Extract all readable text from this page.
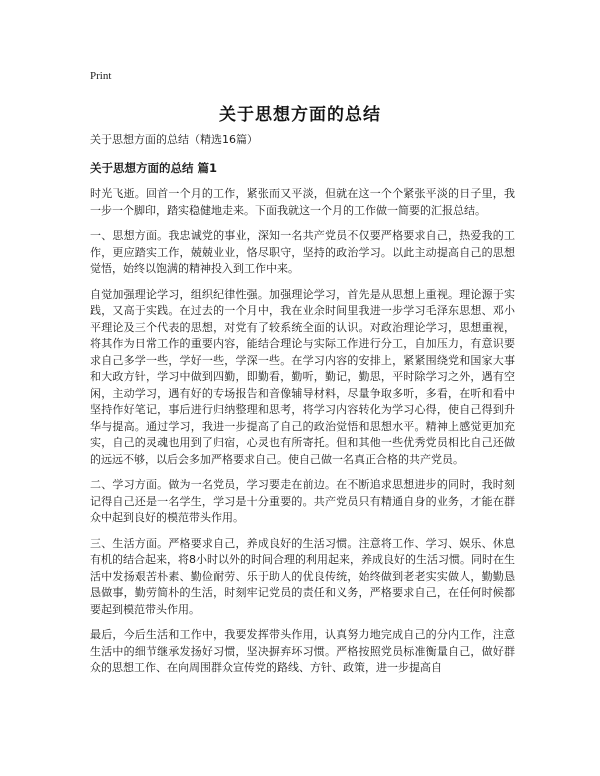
Print
关于思想方面的总结

关于思想方面的总结（精选16篇）

关于思想方面的总结 篇1

时光飞逝。回首一个月的工作，紧张而又平淡，但就在这一个个紧张平淡的日子里，我一步一个脚印，踏实稳健地走来。下面我就这一个月的工作做一简要的汇报总结。

一、思想方面。我忠诚党的事业，深知一名共产党员不仅要严格要求自己，热爱我的工作，更应踏实工作，兢兢业业，恪尽职守，坚持的政治学习。以此主动提高自己的思想觉悟，始终以饱满的精神投入到工作中来。

自觉加强理论学习，组织纪律性强。加强理论学习，首先是从思想上重视。理论源于实践，又高于实践。在过去的一个月中，我在业余时间里我进一步学习毛泽东思想、邓小平理论及三个代表的思想，对党有了较系统全面的认识。对政治理论学习，思想重视，将其作为日常工作的重要内容，能结合理论与实际工作进行分工，自加压力，有意识要求自己多学一些，学好一些，学深一些。在学习内容的安排上，紧紧围绕党和国家大事和大政方针，学习中做到四勤，即勤看，勤听，勤记，勤思，平时除学习之外，遇有空闲，主动学习，遇有好的专场报告和音像辅导材料，尽量争取多听，多看，在听和看中坚持作好笔记，事后进行归纳整理和思考，将学习内容转化为学习心得，使自己得到升华与提高。通过学习，我进一步提高了自己的政治觉悟和思想水平。精神上感觉更加充实，自己的灵魂也用到了归宿，心灵也有所寄托。但和其他一些优秀党员相比自己还做的远远不够，以后会多加严格要求自己。使自己做一名真正合格的共产党员。

二、学习方面。做为一名党员，学习要走在前边。在不断追求思想进步的同时，我时刻记得自己还是一名学生，学习是十分重要的。共产党员只有精通自身的业务，才能在群众中起到良好的模范带头作用。

三、生活方面。严格要求自己，养成良好的生活习惯。注意将工作、学习、娱乐、休息有机的结合起来，将8小时以外的时间合理的利用起来，养成良好的生活习惯。同时在生活中发扬艰苦朴素、勤俭耐劳、乐于助人的优良传统，始终做到老老实实做人，勤勤恳恳做事，勤劳简朴的生活，时刻牢记党员的责任和义务，严格要求自己，在任何时候都要起到模范带头作用。

最后，今后生活和工作中，我要发挥带头作用，认真努力地完成自己的分内工作，注意生活中的细节继承发扬好习惯，坚决摒弃坏习惯。严格按照党员标准衡量自己，做好群众的思想工作、在向周围群众宣传党的路线、方针、政策，进一步提高自
